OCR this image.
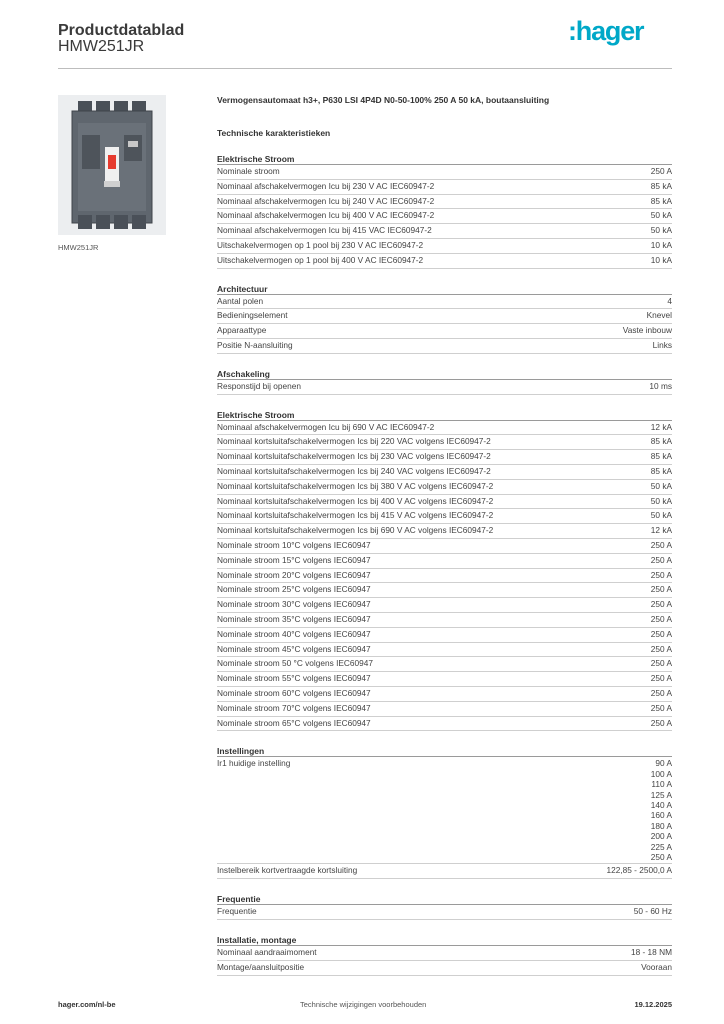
Productdatablad
HMW251JR
:hager
HMW251JR
Vermogensautomaat h3+, P630 LSI 4P4D N0-50-100% 250 A 50 kA, boutaansluiting
Technische karakteristieken
Elektrische Stroom
Nominale stroom	250 A
Nominaal afschakelvermogen Icu bij 230 V AC IEC60947-2	85 kA
Nominaal afschakelvermogen Icu bij 240 V AC IEC60947-2	85 kA
Nominaal afschakelvermogen Icu bij 400 V AC IEC60947-2	50 kA
Nominaal afschakelvermogen Icu bij 415 VAC IEC60947-2	50 kA
Uitschakelvermogen op 1 pool bij 230 V AC IEC60947-2	10 kA
Uitschakelvermogen op 1 pool bij 400 V AC IEC60947-2	10 kA
Architectuur
Aantal polen	4
Bedieningselement	Knevel
Apparaattype	Vaste inbouw
Positie N-aansluiting	Links
Afschakeling
Responstijd bij openen	10 ms
Elektrische Stroom
Nominaal afschakelvermogen Icu bij 690 V AC IEC60947-2	12 kA
Nominaal kortsluitafschakelvermogen Ics bij 220 VAC volgens IEC60947-2	85 kA
Nominaal kortsluitafschakelvermogen Ics bij 230 VAC volgens IEC60947-2	85 kA
Nominaal kortsluitafschakelvermogen Ics bij 240 VAC volgens IEC60947-2	85 kA
Nominaal kortsluitafschakelvermogen Ics bij 380 V AC volgens IEC60947-2	50 kA
Nominaal kortsluitafschakelvermogen Ics bij 400 V AC volgens IEC60947-2	50 kA
Nominaal kortsluitafschakelvermogen Ics bij 415 V AC volgens IEC60947-2	50 kA
Nominaal kortsluitafschakelvermogen Ics bij 690 V AC volgens IEC60947-2	12 kA
Nominale stroom 10°C volgens IEC60947	250 A
Nominale stroom 15°C volgens IEC60947	250 A
Nominale stroom 20°C volgens IEC60947	250 A
Nominale stroom 25°C volgens IEC60947	250 A
Nominale stroom 30°C volgens IEC60947	250 A
Nominale stroom 35°C volgens IEC60947	250 A
Nominale stroom 40°C volgens IEC60947	250 A
Nominale stroom 45°C volgens IEC60947	250 A
Nominale stroom 50 °C volgens IEC60947	250 A
Nominale stroom 55°C volgens IEC60947	250 A
Nominale stroom 60°C volgens IEC60947	250 A
Nominale stroom 70°C volgens IEC60947	250 A
Nominale stroom 65°C volgens IEC60947	250 A
Instellingen
Ir1 huidige instelling	90 A
100 A
110 A
125 A
140 A
160 A
180 A
200 A
225 A
250 A
Instelbereik kortvertraagde kortsluiting	122,85 - 2500,0 A
Frequentie
Frequentie	50 - 60 Hz
Installatie, montage
Nominaal aandraaimoment	18 - 18 NM
Montage/aansluitpositie	Vooraan
hager.com/nl-be	Technische wijzigingen voorbehouden	19.12.2025
